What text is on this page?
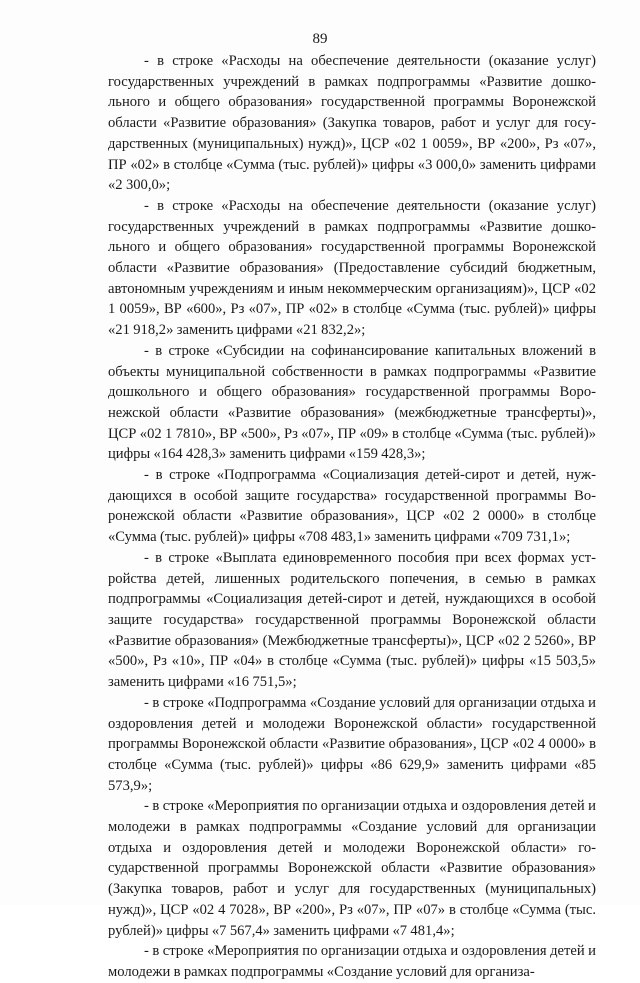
89

- в строке «Расходы на обеспечение деятельности (оказание услуг) государственных учреждений в рамках подпрограммы «Развитие дошкольного и общего образования» государственной программы Воронежской области «Развитие образования» (Закупка товаров, работ и услуг для государственных (муниципальных) нужд)», ЦСР «02 1 0059», ВР «200», Рз «07», ПР «02» в столбце «Сумма (тыс. рублей)» цифры «3 000,0» заменить цифрами «2 300,0»;

- в строке «Расходы на обеспечение деятельности (оказание услуг) государственных учреждений в рамках подпрограммы «Развитие дошкольного и общего образования» государственной программы Воронежской области «Развитие образования» (Предоставление субсидий бюджетным, автономным учреждениям и иным некоммерческим организациям)», ЦСР «02 1 0059», ВР «600», Рз «07», ПР «02» в столбце «Сумма (тыс. рублей)» цифры «21 918,2» заменить цифрами «21 832,2»;

- в строке «Субсидии на софинансирование капитальных вложений в объекты муниципальной собственности в рамках подпрограммы «Развитие дошкольного и общего образования» государственной программы Воронежской области «Развитие образования» (межбюджетные трансферты)», ЦСР «02 1 7810», ВР «500», Рз «07», ПР «09» в столбце «Сумма (тыс. рублей)» цифры «164 428,3» заменить цифрами «159 428,3»;

- в строке «Подпрограмма «Социализация детей-сирот и детей, нуждающихся в особой защите государства» государственной программы Воронежской области «Развитие образования», ЦСР «02 2 0000» в столбце «Сумма (тыс. рублей)» цифры «708 483,1» заменить цифрами «709 731,1»;

- в строке «Выплата единовременного пособия при всех формах устройства детей, лишенных родительского попечения, в семью в рамках подпрограммы «Социализация детей-сирот и детей, нуждающихся в особой защите государства» государственной программы Воронежской области «Развитие образования» (Межбюджетные трансферты)», ЦСР «02 2 5260», ВР «500», Рз «10», ПР «04» в столбце «Сумма (тыс. рублей)» цифры «15 503,5» заменить цифрами «16 751,5»;

- в строке «Подпрограмма «Создание условий для организации отдыха и оздоровления детей и молодежи Воронежской области» государственной программы Воронежской области «Развитие образования», ЦСР «02 4 0000» в столбце «Сумма (тыс. рублей)» цифры «86 629,9» заменить цифрами «85 573,9»;

- в строке «Мероприятия по организации отдыха и оздоровления детей и молодежи в рамках подпрограммы «Создание условий для организации отдыха и оздоровления детей и молодежи Воронежской области» государственной программы Воронежской области «Развитие образования» (Закупка товаров, работ и услуг для государственных (муниципальных) нужд)», ЦСР «02 4 7028», ВР «200», Рз «07», ПР «07» в столбце «Сумма (тыс. рублей)» цифры «7 567,4» заменить цифрами «7 481,4»;

- в строке «Мероприятия по организации отдыха и оздоровления детей и молодежи в рамках подпрограммы «Создание условий для организа-
